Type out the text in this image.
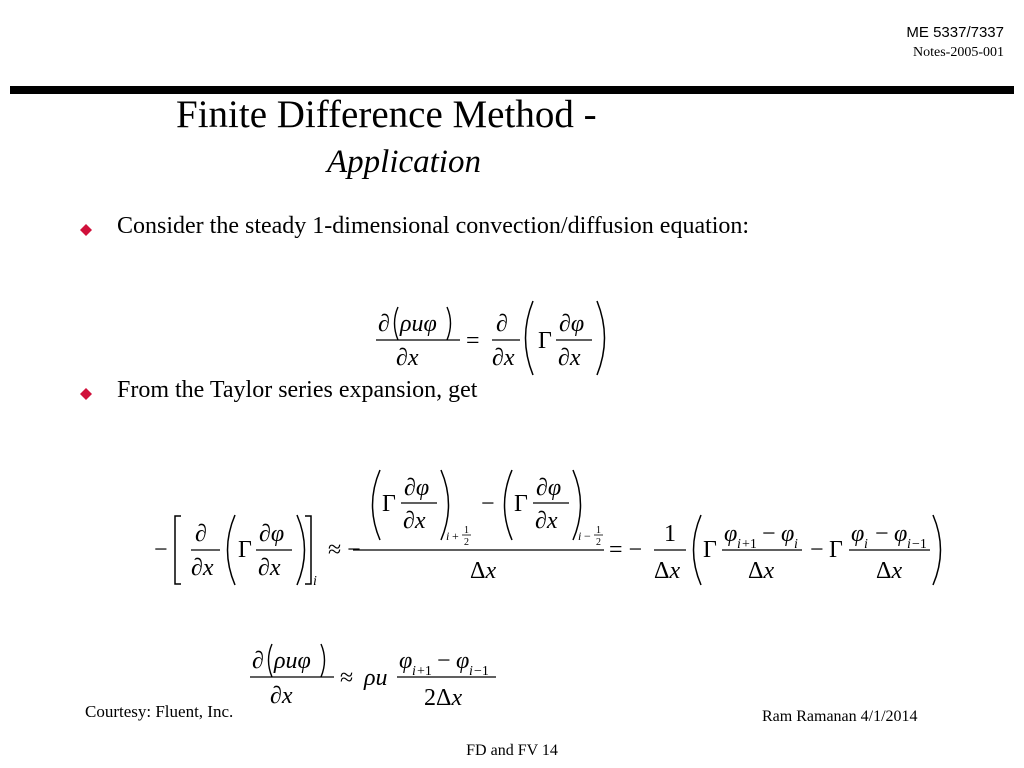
ME 5337/7337
Notes-2005-001
Finite Difference Method -
Application
Consider the steady 1-dimensional convection/diffusion equation:
From the Taylor series expansion, get
∂ ρuφ
∂x
=
∂
∂x
Γ
∂φ
∂x
−
∂
∂x
Γ
∂φ
∂x
i
≈ −
Γ
∂φ
∂x
i + 1
2
− Γ
∂φ
∂x
i − 1
2
Δx
= −
1
Δx
Γ
φ i +1 − φ i
Δx
− Γ
φ i − φ i −1
Δx
∂ ρuφ
∂x
≈ ρu
φ i +1 − φ i −1
2Δx
Courtesy: Fluent, Inc.	Ram Ramanan 4/1/2014
FD and FV 14
